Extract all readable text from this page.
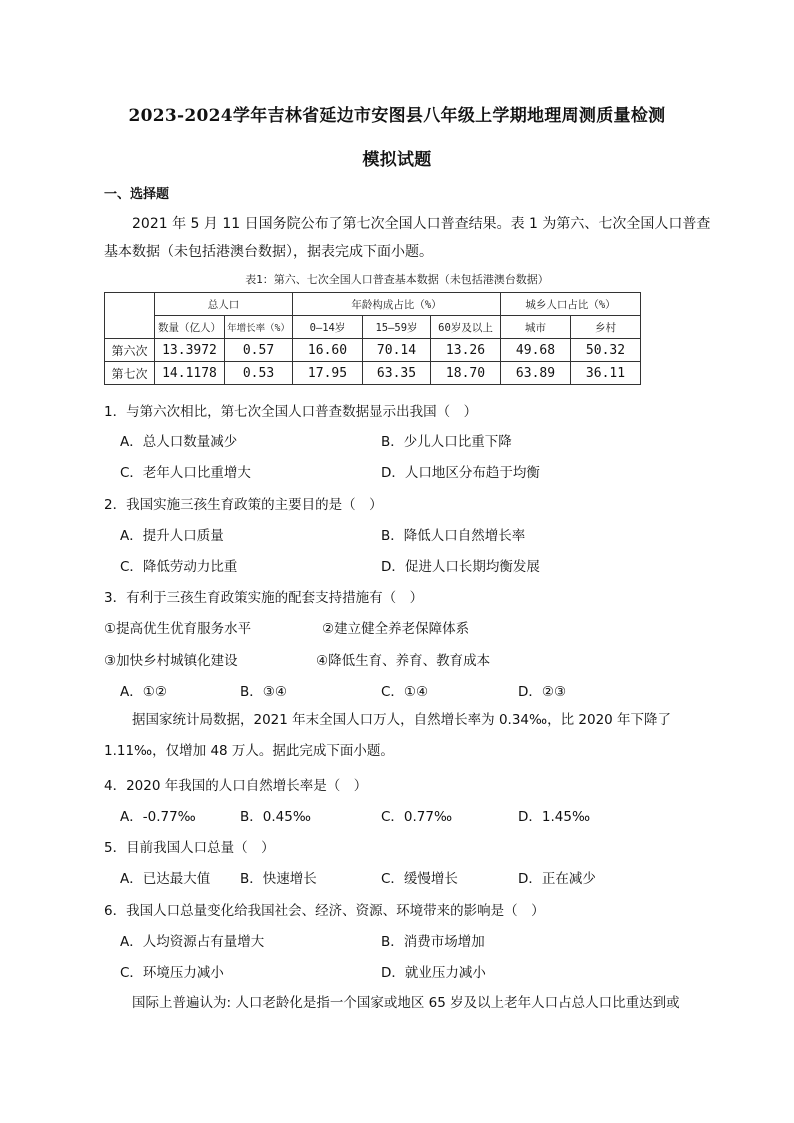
2023-2024学年吉林省延边市安图县八年级上学期地理周测质量检测
模拟试题
一、选择题
2021 年 5 月 11 日国务院公布了第七次全国人口普查结果。表 1 为第六、七次全国人口普查
基本数据（未包括港澳台数据），据表完成下面小题。
表1：第六、七次全国人口普查基本数据（未包括港澳台数据）
	总人口		年龄构成占比（%）			城乡人口占比（%）	
	数量（亿人）	年增长率（%）	0—14岁	15—59岁	60岁及以上	城市	乡村
第六次	13.3972	0.57	16.60	70.14	13.26	49.68	50.32
第七次	14.1178	0.53	17.95	63.35	18.70	63.89	36.11
1．与第六次相比，第七次全国人口普查数据显示出我国（　）
A．总人口数量减少	B．少儿人口比重下降
C．老年人口比重增大	D．人口地区分布趋于均衡
2．我国实施三孩生育政策的主要目的是（　）
A．提升人口质量	B．降低人口自然增长率
C．降低劳动力比重	D．促进人口长期均衡发展
3．有利于三孩生育政策实施的配套支持措施有（　）
①提高优生优育服务水平	②建立健全养老保障体系
③加快乡村城镇化建设	④降低生育、养育、教育成本
A．①②	B．③④	C．①④	D．②③
据国家统计局数据，2021 年末全国人口万人，自然增长率为 0.34‰，比 2020 年下降了
1.11‰，仅增加 48 万人。据此完成下面小题。
4．2020 年我国的人口自然增长率是（　）
A．-0.77‰	B．0.45‰	C．0.77‰	D．1.45‰
5．目前我国人口总量（　）
A．已达最大值 B．快速增长	C．缓慢增长	D．正在减少
6．我国人口总量变化给我国社会、经济、资源、环境带来的影响是（　）
A．人均资源占有量增大	B．消费市场增加
C．环境压力减小	D．就业压力减小
国际上普遍认为: 人口老龄化是指一个国家或地区 65 岁及以上老年人口占总人口比重达到或
